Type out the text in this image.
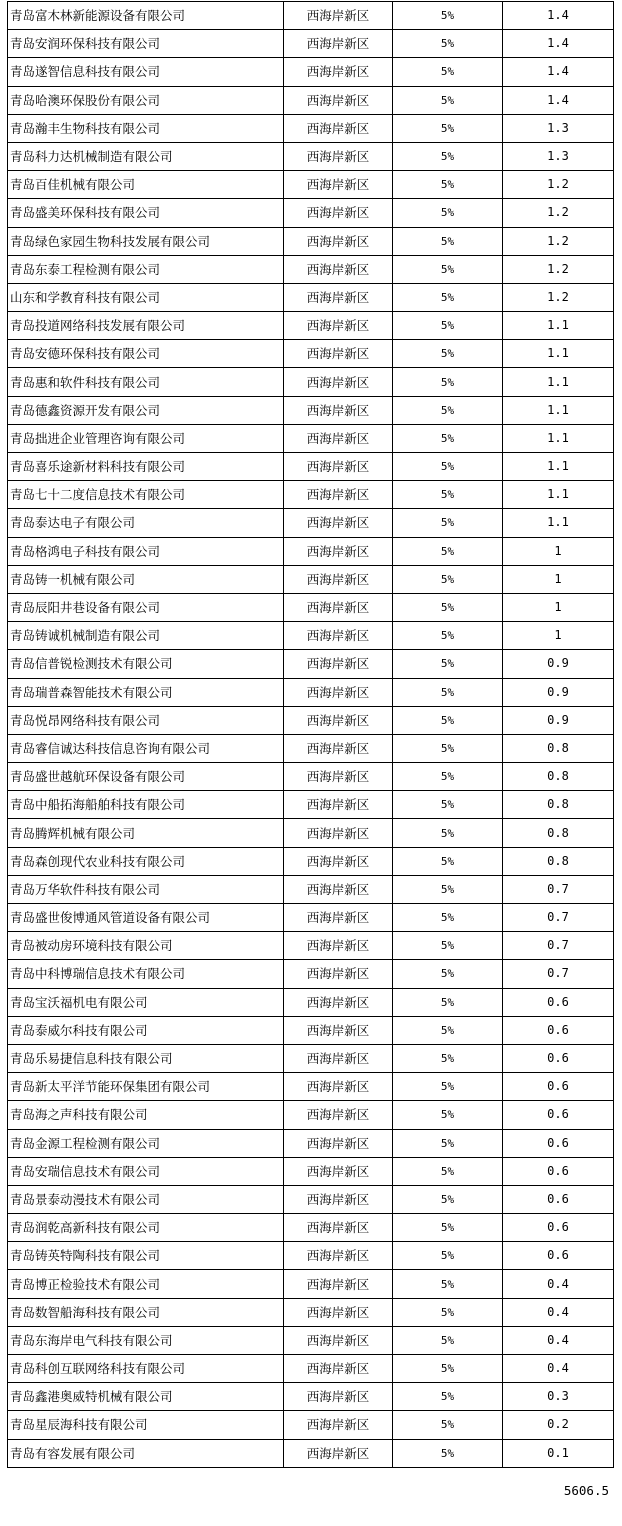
青岛富木林新能源设备有限公司	西海岸新区	5%	1.4
青岛安润环保科技有限公司	西海岸新区	5%	1.4
青岛遂智信息科技有限公司	西海岸新区	5%	1.4
青岛哈澳环保股份有限公司	西海岸新区	5%	1.4
青岛瀚丰生物科技有限公司	西海岸新区	5%	1.3
青岛科力达机械制造有限公司	西海岸新区	5%	1.3
青岛百佳机械有限公司	西海岸新区	5%	1.2
青岛盛美环保科技有限公司	西海岸新区	5%	1.2
青岛绿色家园生物科技发展有限公司	西海岸新区	5%	1.2
青岛东泰工程检测有限公司	西海岸新区	5%	1.2
山东和学教育科技有限公司	西海岸新区	5%	1.2
青岛投道网络科技发展有限公司	西海岸新区	5%	1.1
青岛安德环保科技有限公司	西海岸新区	5%	1.1
青岛惠和软件科技有限公司	西海岸新区	5%	1.1
青岛德鑫资源开发有限公司	西海岸新区	5%	1.1
青岛拙进企业管理咨询有限公司	西海岸新区	5%	1.1
青岛喜乐途新材料科技有限公司	西海岸新区	5%	1.1
青岛七十二度信息技术有限公司	西海岸新区	5%	1.1
青岛泰达电子有限公司	西海岸新区	5%	1.1
青岛格鸿电子科技有限公司	西海岸新区	5%	1
青岛铸一机械有限公司	西海岸新区	5%	1
青岛辰阳井巷设备有限公司	西海岸新区	5%	1
青岛铸诚机械制造有限公司	西海岸新区	5%	1
青岛信普锐检测技术有限公司	西海岸新区	5%	0.9
青岛瑞普森智能技术有限公司	西海岸新区	5%	0.9
青岛悦昂网络科技有限公司	西海岸新区	5%	0.9
青岛睿信诚达科技信息咨询有限公司	西海岸新区	5%	0.8
青岛盛世越航环保设备有限公司	西海岸新区	5%	0.8
青岛中船拓海船舶科技有限公司	西海岸新区	5%	0.8
青岛腾辉机械有限公司	西海岸新区	5%	0.8
青岛森创现代农业科技有限公司	西海岸新区	5%	0.8
青岛万华软件科技有限公司	西海岸新区	5%	0.7
青岛盛世俊博通风管道设备有限公司	西海岸新区	5%	0.7
青岛被动房环境科技有限公司	西海岸新区	5%	0.7
青岛中科博瑞信息技术有限公司	西海岸新区	5%	0.7
青岛宝沃福机电有限公司	西海岸新区	5%	0.6
青岛泰威尔科技有限公司	西海岸新区	5%	0.6
青岛乐易捷信息科技有限公司	西海岸新区	5%	0.6
青岛新太平洋节能环保集团有限公司	西海岸新区	5%	0.6
青岛海之声科技有限公司	西海岸新区	5%	0.6
青岛金源工程检测有限公司	西海岸新区	5%	0.6
青岛安瑞信息技术有限公司	西海岸新区	5%	0.6
青岛景泰动漫技术有限公司	西海岸新区	5%	0.6
青岛润乾高新科技有限公司	西海岸新区	5%	0.6
青岛铸英特陶科技有限公司	西海岸新区	5%	0.6
青岛博正检验技术有限公司	西海岸新区	5%	0.4
青岛数智船海科技有限公司	西海岸新区	5%	0.4
青岛东海岸电气科技有限公司	西海岸新区	5%	0.4
青岛科创互联网络科技有限公司	西海岸新区	5%	0.4
青岛鑫港奥威特机械有限公司	西海岸新区	5%	0.3
青岛星辰海科技有限公司	西海岸新区	5%	0.2
青岛有容发展有限公司	西海岸新区	5%	0.1
5606.5
